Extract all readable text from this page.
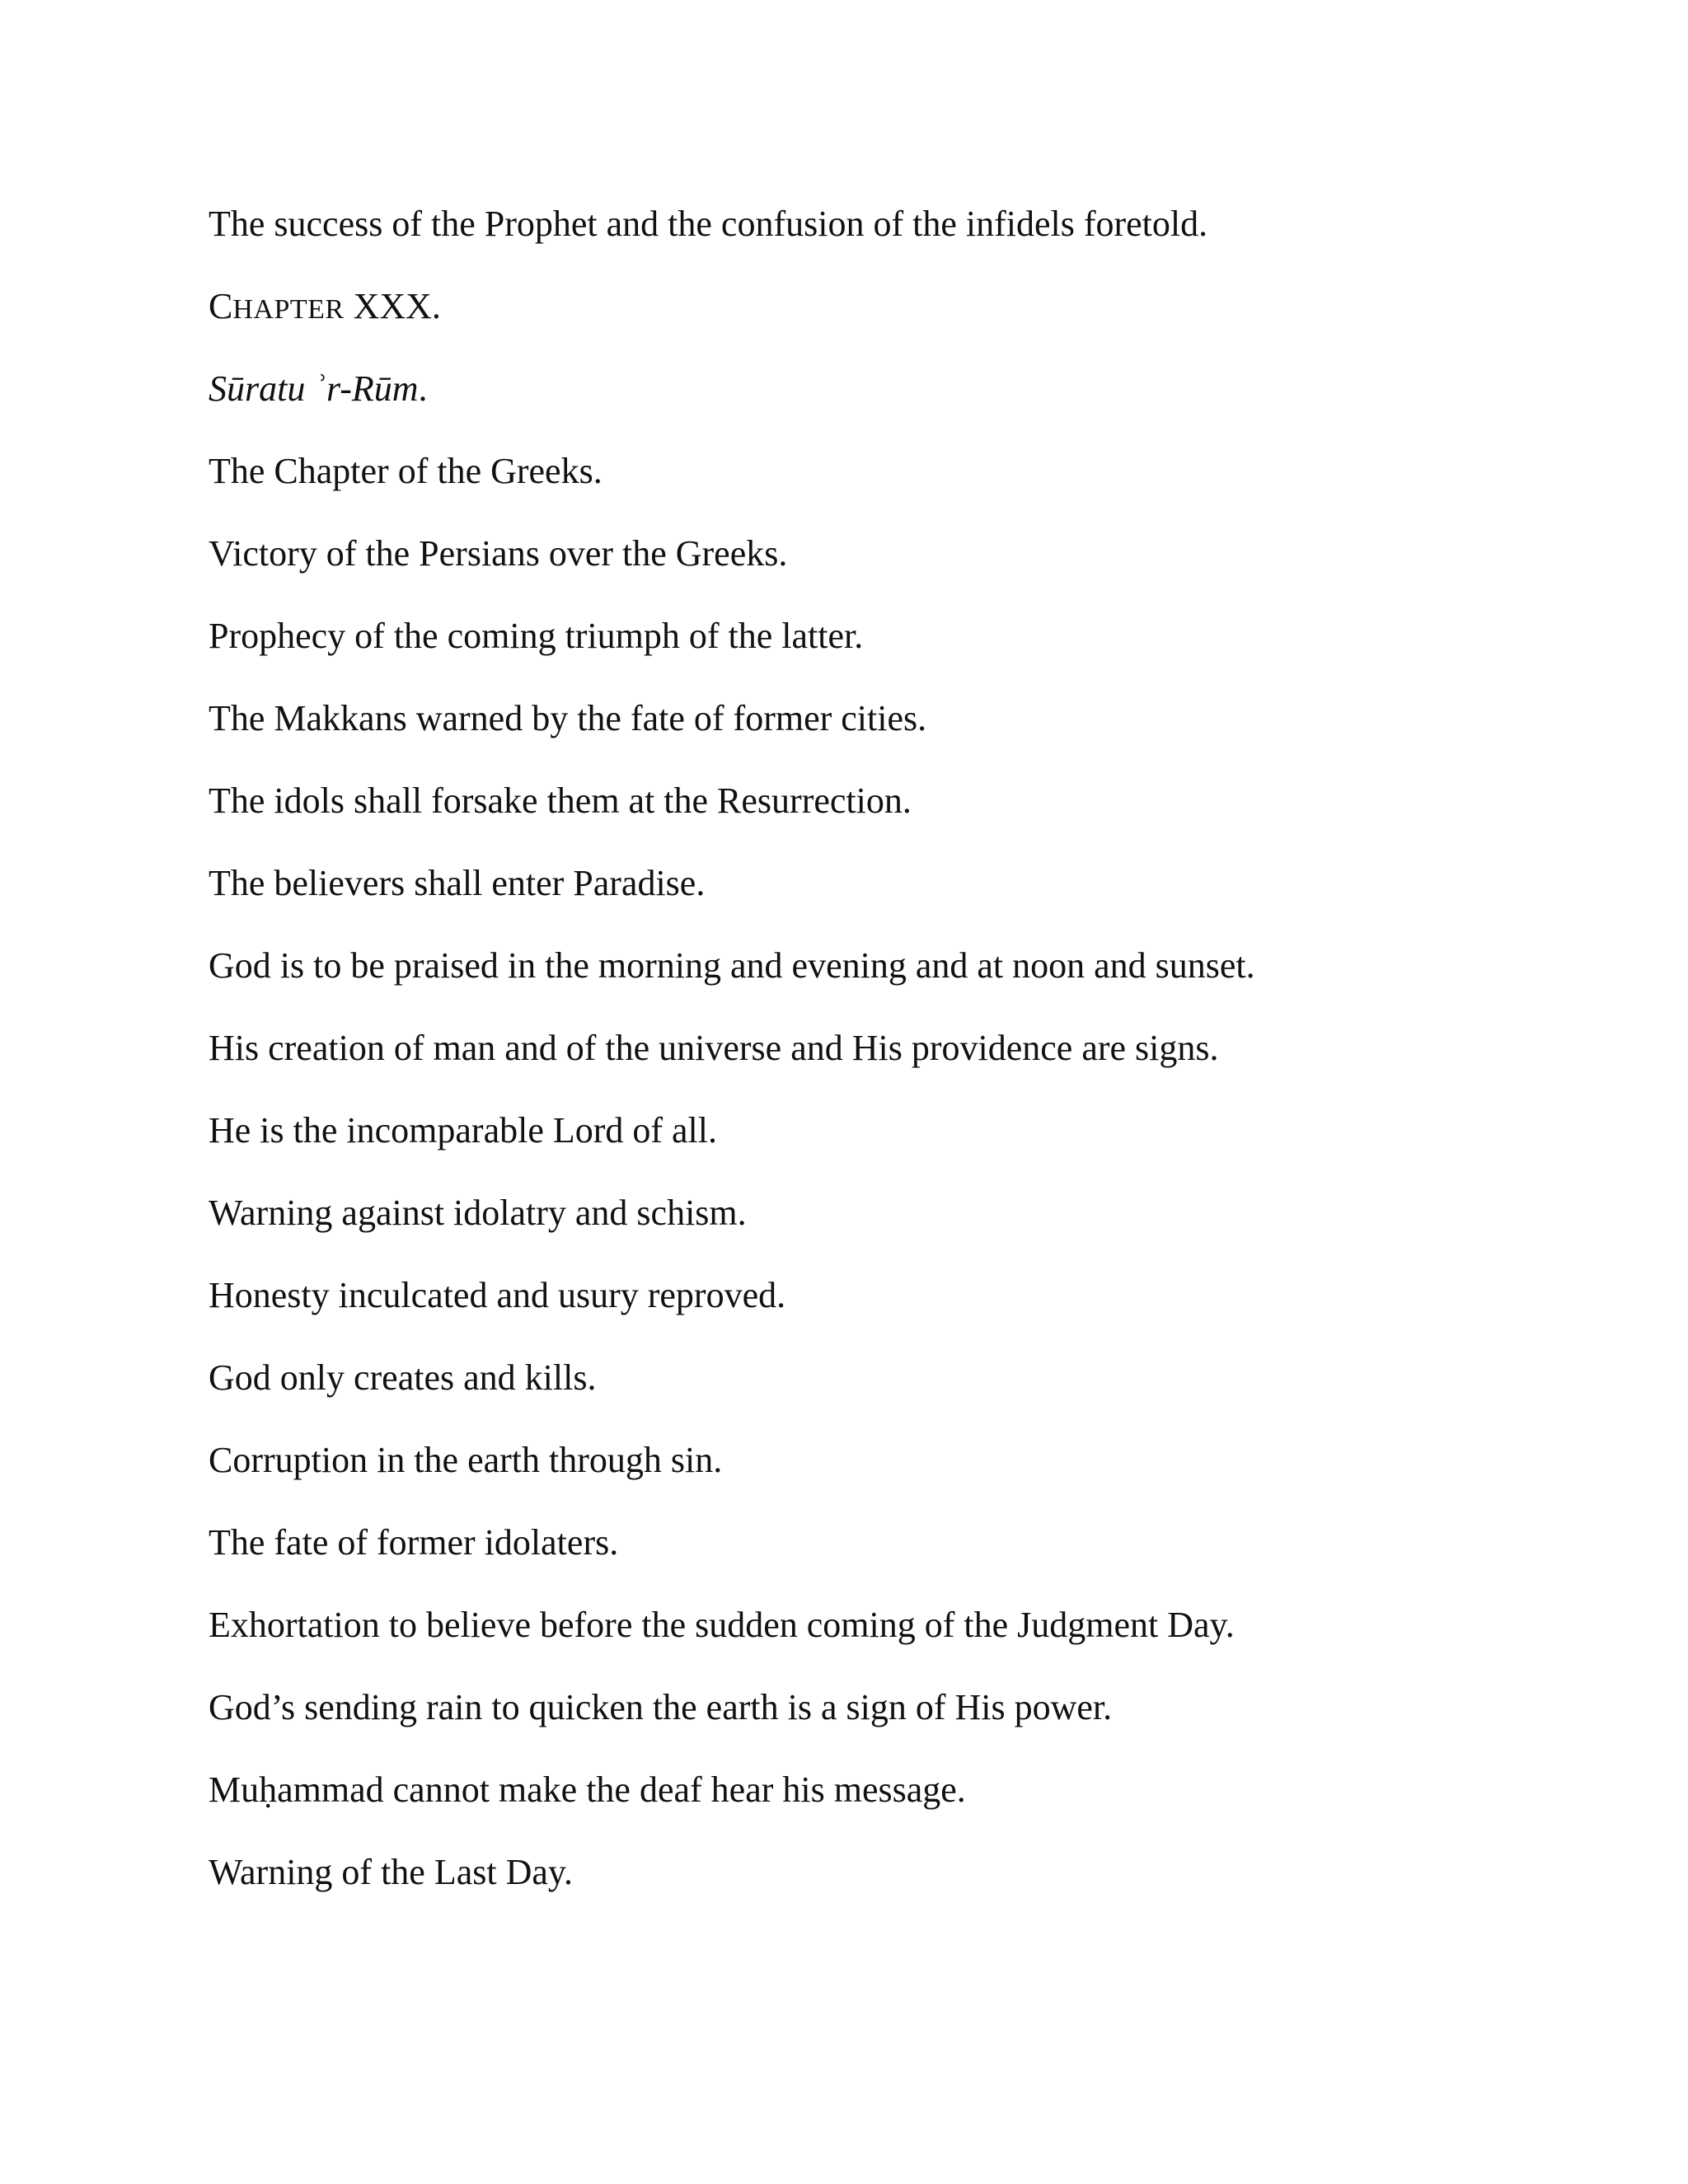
The success of the Prophet and the confusion of the infidels foretold.

CHAPTER XXX.

Sūratu ʾr-Rūm.

The Chapter of the Greeks.

Victory of the Persians over the Greeks.

Prophecy of the coming triumph of the latter.

The Makkans warned by the fate of former cities.

The idols shall forsake them at the Resurrection.

The believers shall enter Paradise.

God is to be praised in the morning and evening and at noon and sunset.

His creation of man and of the universe and His providence are signs.

He is the incomparable Lord of all.

Warning against idolatry and schism.

Honesty inculcated and usury reproved.

God only creates and kills.

Corruption in the earth through sin.

The fate of former idolaters.

Exhortation to believe before the sudden coming of the Judgment Day.

God’s sending rain to quicken the earth is a sign of His power.

Muḥammad cannot make the deaf hear his message.

Warning of the Last Day.
